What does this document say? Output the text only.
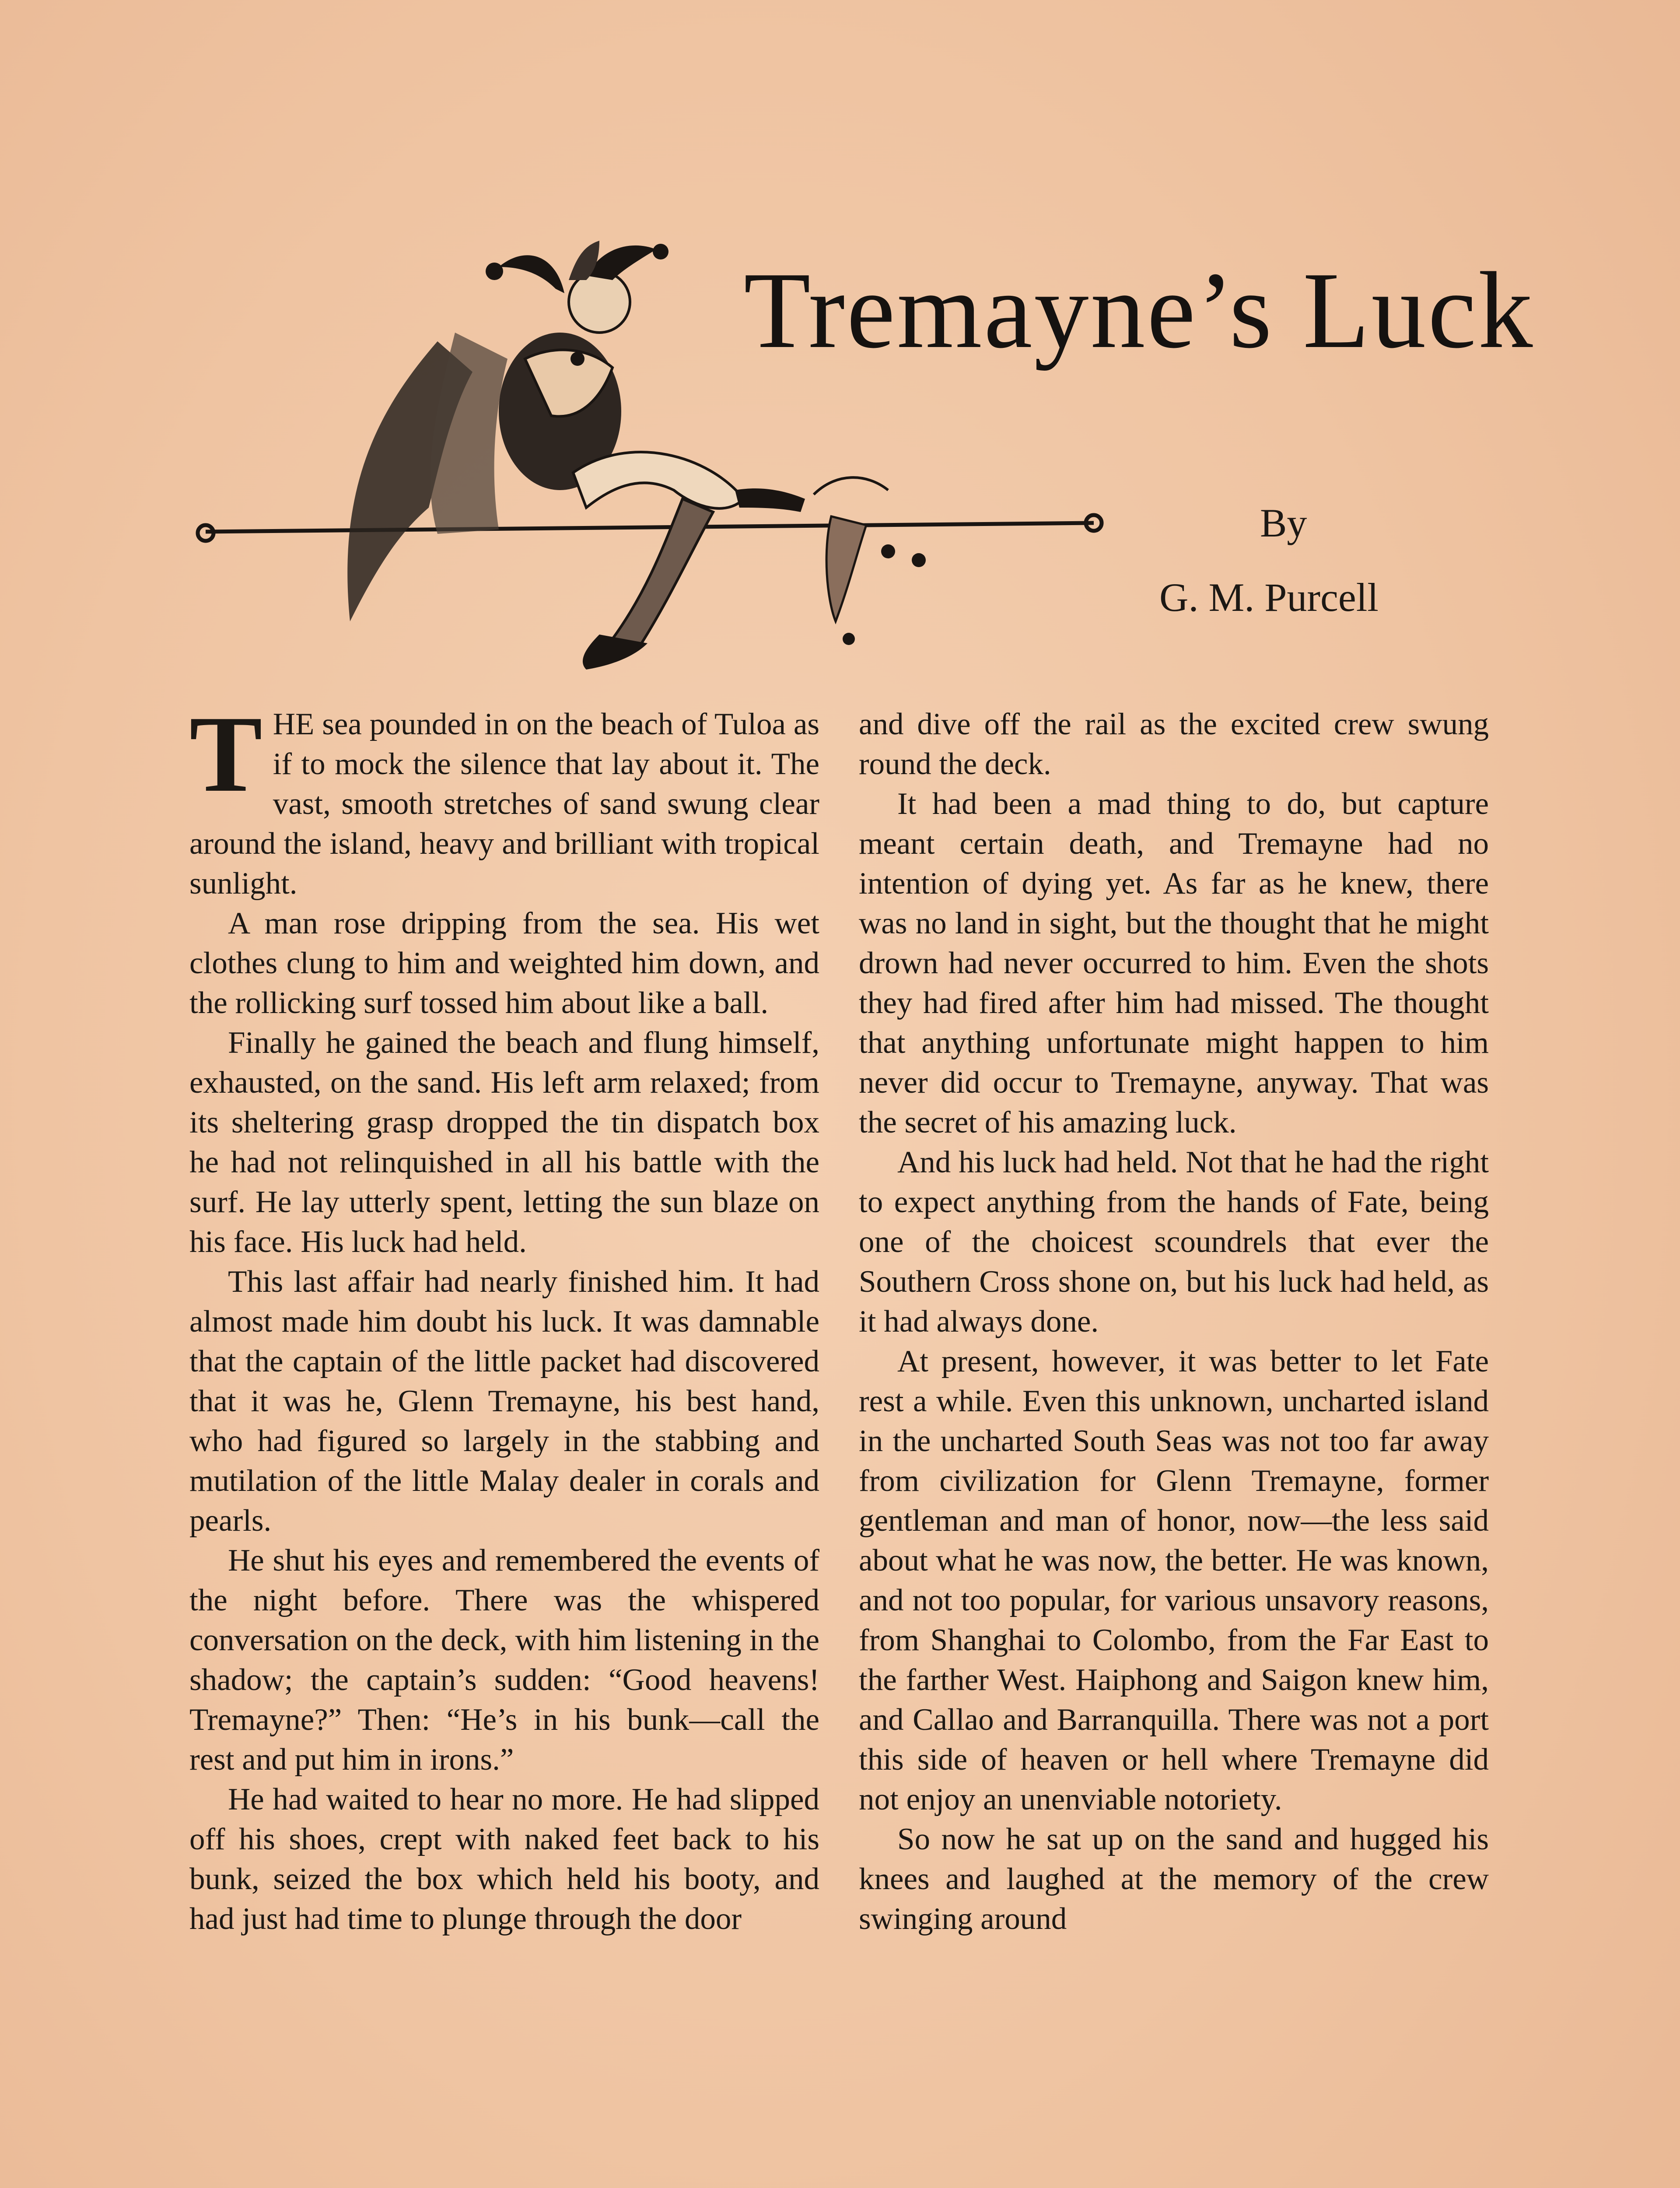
Tremayne’s Luck
By
G. M. Purcell

THE sea pounded in on the beach of Tuloa as if to mock the silence that lay about it. The vast, smooth stretches of sand swung clear around the island, heavy and brilliant with tropical sunlight.

A man rose dripping from the sea. His wet clothes clung to him and weighted him down, and the rollicking surf tossed him about like a ball.

Finally he gained the beach and flung himself, exhausted, on the sand. His left arm relaxed; from its sheltering grasp dropped the tin dispatch box he had not relinquished in all his battle with the surf. He lay utterly spent, letting the sun blaze on his face. His luck had held.

This last affair had nearly finished him. It had almost made him doubt his luck. It was damnable that the captain of the little packet had discovered that it was he, Glenn Tremayne, his best hand, who had figured so largely in the stabbing and mutilation of the little Malay dealer in corals and pearls.

He shut his eyes and remembered the events of the night before. There was the whispered conversation on the deck, with him listening in the shadow; the captain’s sudden: “Good heavens! Tremayne?” Then: “He’s in his bunk—call the rest and put him in irons.”

He had waited to hear no more. He had slipped off his shoes, crept with naked feet back to his bunk, seized the box which held his booty, and had just had time to plunge through the door

and dive off the rail as the excited crew swung round the deck.

It had been a mad thing to do, but capture meant certain death, and Tremayne had no intention of dying yet. As far as he knew, there was no land in sight, but the thought that he might drown had never occurred to him. Even the shots they had fired after him had missed. The thought that anything unfortunate might happen to him never did occur to Tremayne, anyway. That was the secret of his amazing luck.

And his luck had held. Not that he had the right to expect anything from the hands of Fate, being one of the choicest scoundrels that ever the Southern Cross shone on, but his luck had held, as it had always done.

At present, however, it was better to let Fate rest a while. Even this unknown, uncharted island in the uncharted South Seas was not too far away from civilization for Glenn Tremayne, former gentleman and man of honor, now—the less said about what he was now, the better. He was known, and not too popular, for various unsavory reasons, from Shanghai to Colombo, from the Far East to the farther West. Haiphong and Saigon knew him, and Callao and Barranquilla. There was not a port this side of heaven or hell where Tremayne did not enjoy an unenviable notoriety.

So now he sat up on the sand and hugged his knees and laughed at the memory of the crew swinging around
